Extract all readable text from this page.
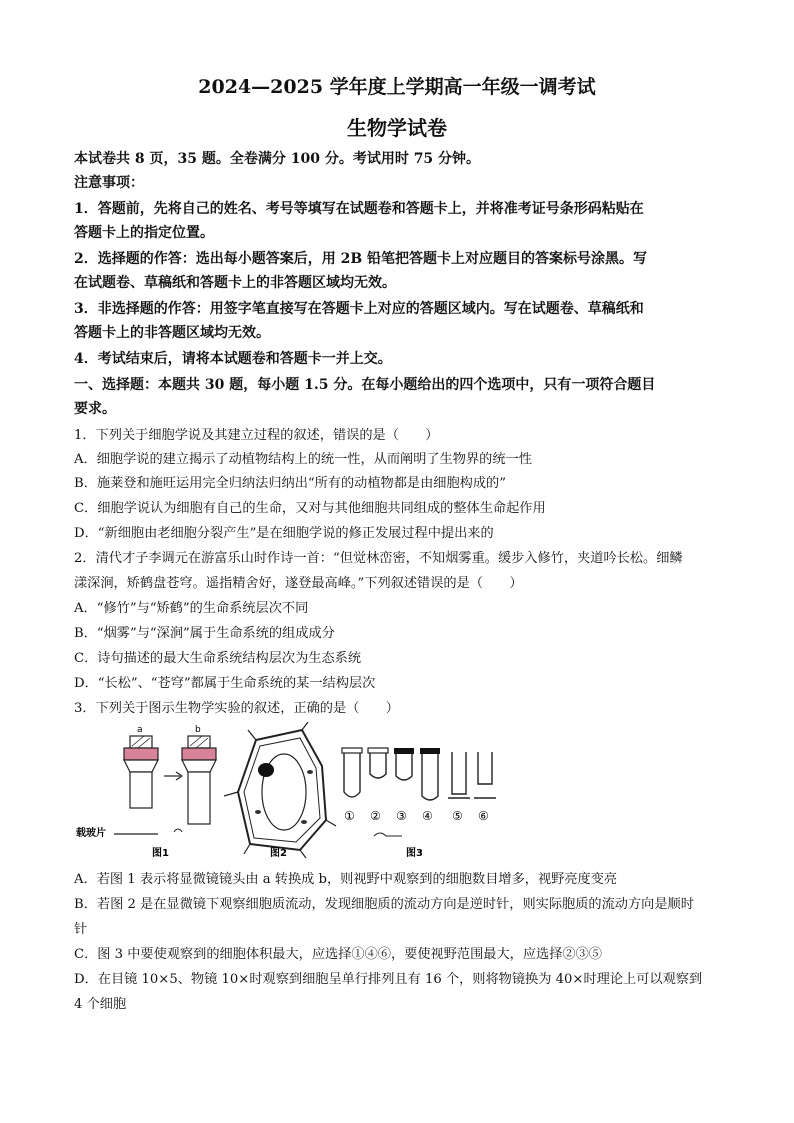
2024—2025 学年度上学期高一年级一调考试
生物学试卷
本试卷共 8 页，35 题。全卷满分 100 分。考试用时 75 分钟。
注意事项：
1．答题前，先将自己的姓名、考号等填写在试题卷和答题卡上，并将准考证号条形码粘贴在
答题卡上的指定位置。
2．选择题的作答：选出每小题答案后，用 2B 铅笔把答题卡上对应题目的答案标号涂黑。写
在试题卷、草稿纸和答题卡上的非答题区域均无效。
3．非选择题的作答：用签字笔直接写在答题卡上对应的答题区域内。写在试题卷、草稿纸和
答题卡上的非答题区域均无效。
4．考试结束后，请将本试题卷和答题卡一并上交。
一、选择题：本题共 30 题，每小题 1.5 分。在每小题给出的四个选项中，只有一项符合题目
要求。
1．下列关于细胞学说及其建立过程的叙述，错误的是（　　）
A．细胞学说的建立揭示了动植物结构上的统一性，从而阐明了生物界的统一性
B．施莱登和施旺运用完全归纳法归纳出“所有的动植物都是由细胞构成的”
C．细胞学说认为细胞有自己的生命，又对与其他细胞共同组成的整体生命起作用
D．“新细胞由老细胞分裂产生”是在细胞学说的修正发展过程中提出来的
2．清代才子李调元在游富乐山时作诗一首：“但觉林峦密，不知烟雾重。缓步入修竹，夹道吟长松。细鳞
漾深涧，矫鹤盘苍穹。遥指精舍好，遂登最高峰。”下列叙述错误的是（　　）
A．“修竹”与“矫鹤”的生命系统层次不同
B．“烟雾”与“深涧”属于生命系统的组成成分
C．诗句描述的最大生命系统结构层次为生态系统
D．“长松”、“苍穹”都属于生命系统的某一结构层次
3．下列关于图示生物学实验的叙述，正确的是（　　）
a	b
载玻片
图1	图2
① ② ③ ④ ⑤ ⑥
图3
A．若图 1 表示将显微镜镜头由 a 转换成 b，则视野中观察到的细胞数目增多，视野亮度变亮
B．若图 2 是在显微镜下观察细胞质流动，发现细胞质的流动方向是逆时针，则实际胞质的流动方向是顺时
针
C．图 3 中要使观察到的细胞体积最大，应选择①④⑥，要使视野范围最大，应选择②③⑤
D．在目镜 10×5、物镜 10×时观察到细胞呈单行排列且有 16 个，则将物镜换为 40×时理论上可以观察到
4 个细胞
